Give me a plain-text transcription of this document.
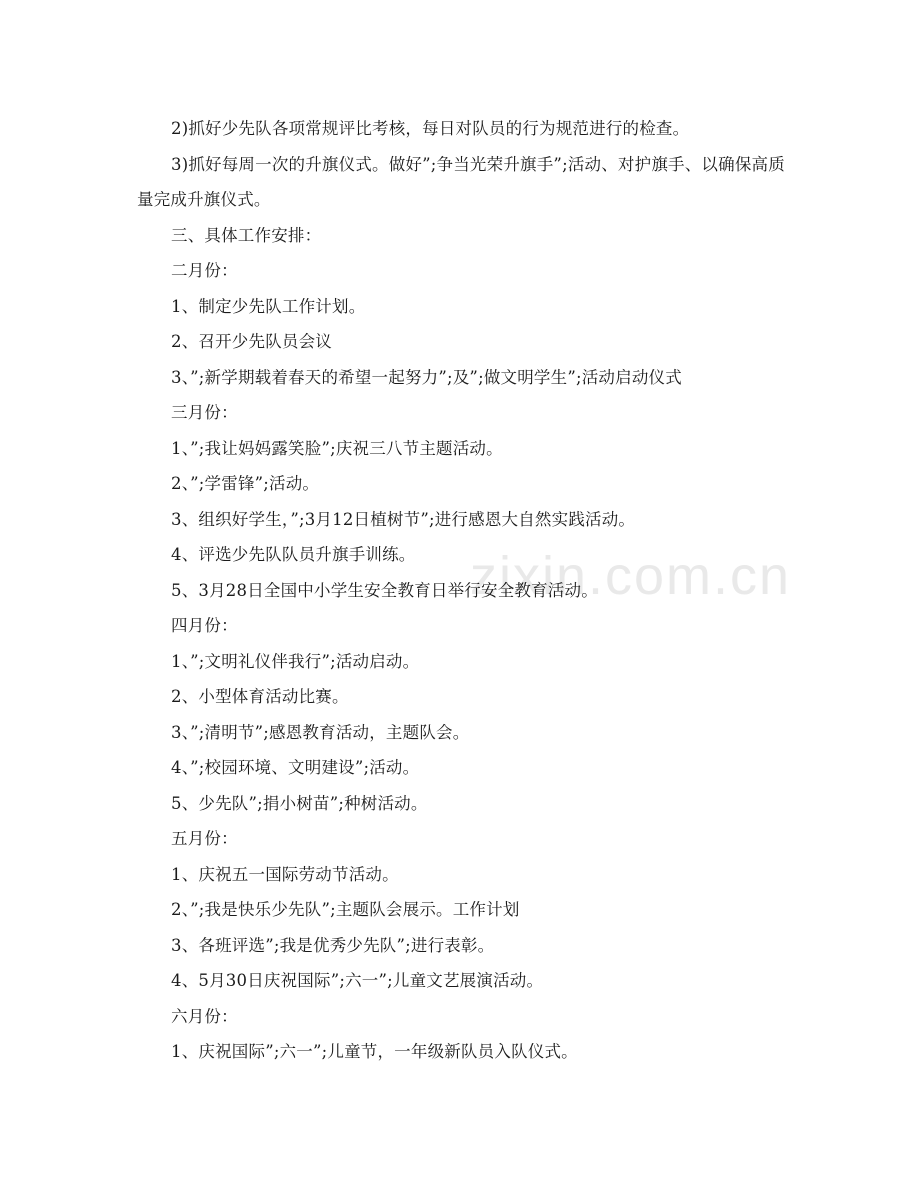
zixin.com.cn
2)抓好少先队各项常规评比考核，每日对队员的行为规范进行的检查。
3)抓好每周一次的升旗仪式。做好”;争当光荣升旗手”;活动、对护旗手、以确保高质量完成升旗仪式。
三、具体工作安排：
二月份：
1、制定少先队工作计划。
2、召开少先队员会议
3、”;新学期载着春天的希望一起努力”;及”;做文明学生”;活动启动仪式
三月份：
1、”;我让妈妈露笑脸”;庆祝三八节主题活动。
2、”;学雷锋”;活动。
3、组织好学生，”;3月12日植树节”;进行感恩大自然实践活动。
4、评选少先队队员升旗手训练。
5、3月28日全国中小学生安全教育日举行安全教育活动。
四月份：
1、”;文明礼仪伴我行”;活动启动。
2、小型体育活动比赛。
3、”;清明节”;感恩教育活动，主题队会。
4、”;校园环境、文明建设”;活动。
5、少先队”;捐小树苗”;种树活动。
五月份：
1、庆祝五一国际劳动节活动。
2、”;我是快乐少先队”;主题队会展示。工作计划
3、各班评选”;我是优秀少先队”;进行表彰。
4、5月30日庆祝国际”;六一”;儿童文艺展演活动。
六月份：
1、庆祝国际”;六一”;儿童节，一年级新队员入队仪式。
